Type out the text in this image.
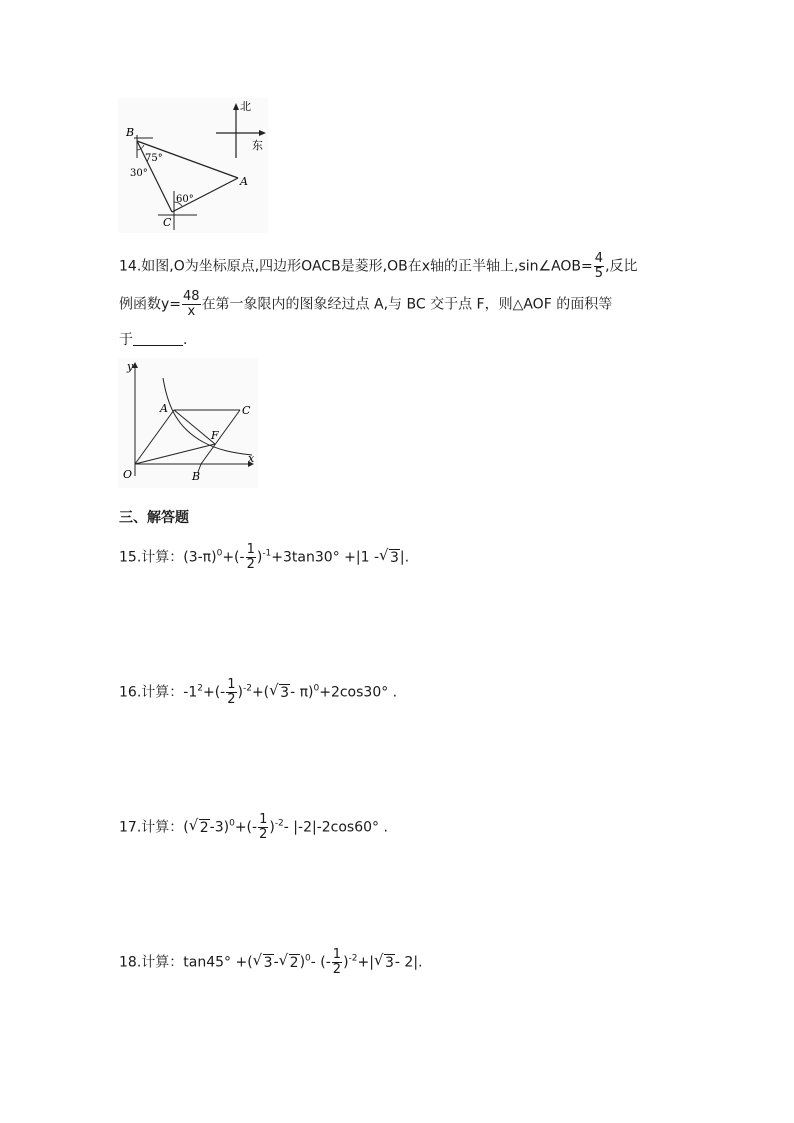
北
东
B
A
C
75°
30°
60°
14.如图,O为坐标原点,四边形OACB是菱形,OB在x轴的正半轴上,sin∠AOB= $\frac{4}{5}$ ,反比
例函数$y= \frac{48}{x}$ 在第一象限内的图象经过点 A,与 BC 交于点 F，则△AOF 的面积等
于	.
y
x
O
A	C
F
B
三、解答题
15.计算：$(3-\pi)^0+(- \frac{1}{2} )^{-1}+3\tan 30^\circ +|1$ - √ 3|.
16.计算：$-1^2+(- \frac{1}{2} )^{-2}+$( √ 3- π)$^0$+2cos30° .
17.计算：( √ $2-3)^0+(- \frac{1}{2} )^{-2}-$ |-2|-2cos60° .
18.计算：tan45° +( √ 3- √ 2)$^0$- (- $\frac{1}{2} )^{-2}+|$ √ 3- 2|.
